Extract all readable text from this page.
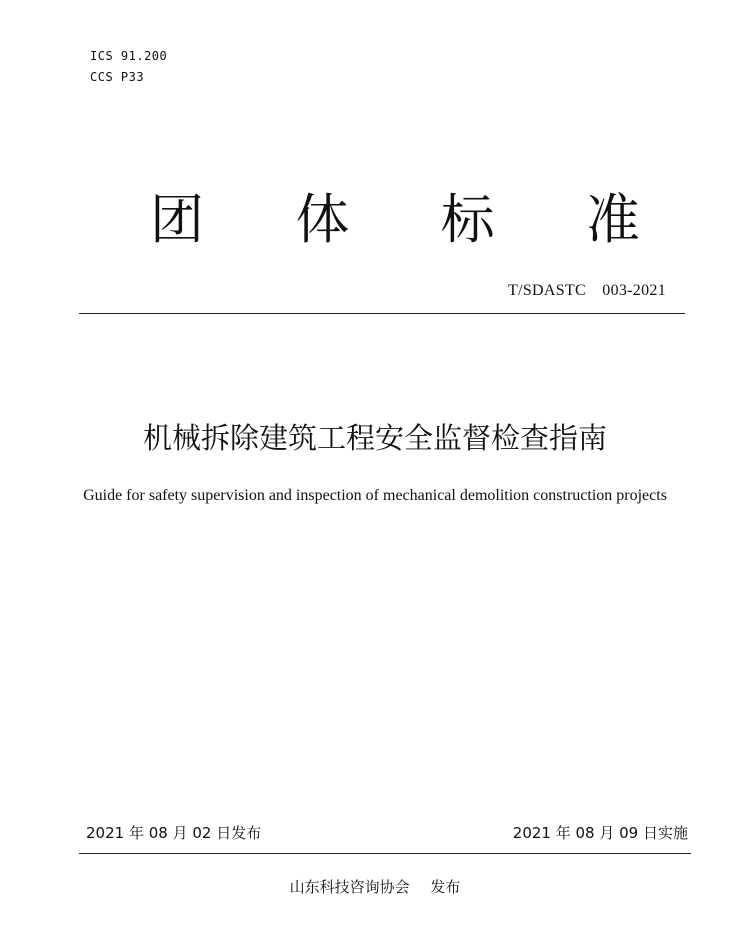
ICS 91.200
CCS P33
团 体 标 准
T/SDASTC　003-2021
机械拆除建筑工程安全监督检查指南
Guide for safety supervision and inspection of mechanical demolition construction projects
2021 年 08 月 02 日发布	2021 年 08 月 09 日实施
山东科技咨询协会 发布
